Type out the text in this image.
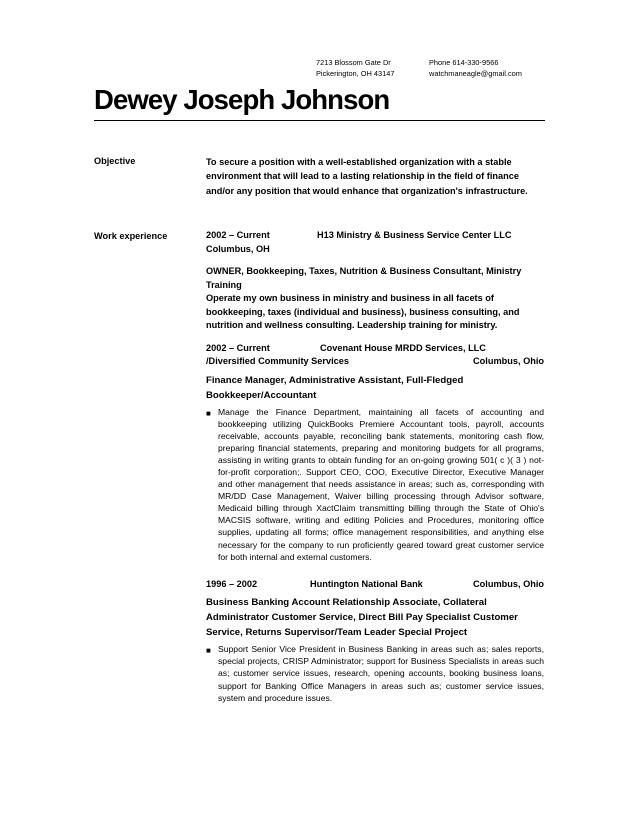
7213 Blossom Gate Dr
Pickerington, OH 43147
Phone 614-330-9566
watchmaneagle@gmail.com
Dewey Joseph Johnson
Objective	To secure a position with a well-established organization with a stable environment that will lead to a lasting relationship in the field of finance and/or any position that would enhance that organization's infrastructure.
Work experience	2002 – Current	H13 Ministry & Business Service Center LLC
Columbus, OH
OWNER, Bookkeeping, Taxes, Nutrition & Business Consultant, Ministry Training
Operate my own business in ministry and business in all facets of bookkeeping, taxes (individual and business), business consulting, and nutrition and wellness consulting. Leadership training for ministry.
2002 – Current	Covenant House MRDD Services, LLC
/Diversified Community Services	Columbus, Ohio
Finance Manager, Administrative Assistant, Full-Fledged Bookkeeper/Accountant
■ Manage the Finance Department, maintaining all facets of accounting and bookkeeping utilizing QuickBooks Premiere Accountant tools, payroll, accounts receivable, accounts payable, reconciling bank statements, monitoring cash flow, preparing financial statements, preparing and monitoring budgets for all programs, assisting in writing grants to obtain funding for an on-going growing 501( c )( 3 ) not-for-profit corporation;. Support CEO, COO, Executive Director, Executive Manager and other management that needs assistance in areas; such as, corresponding with MR/DD Case Management, Waiver billing processing through Advisor software, Medicaid billing through XactClaim transmitting billing through the State of Ohio's MACSIS software, writing and editing Policies and Procedures, monitoring office supplies, updating all forms; office management responsibilities, and anything else necessary for the company to run proficiently geared toward great customer service for both internal and external customers.
1996 – 2002	Huntington National Bank	Columbus, Ohio
Business Banking Account Relationship Associate, Collateral Administrator Customer Service, Direct Bill Pay Specialist Customer Service, Returns Supervisor/Team Leader Special Project
■ Support Senior Vice President in Business Banking in areas such as; sales reports, special projects, CRISP Administrator; support for Business Specialists in areas such as; customer service issues, research, opening accounts, booking business loans, support for Banking Office Managers in areas such as; customer service issues, system and procedure issues.
